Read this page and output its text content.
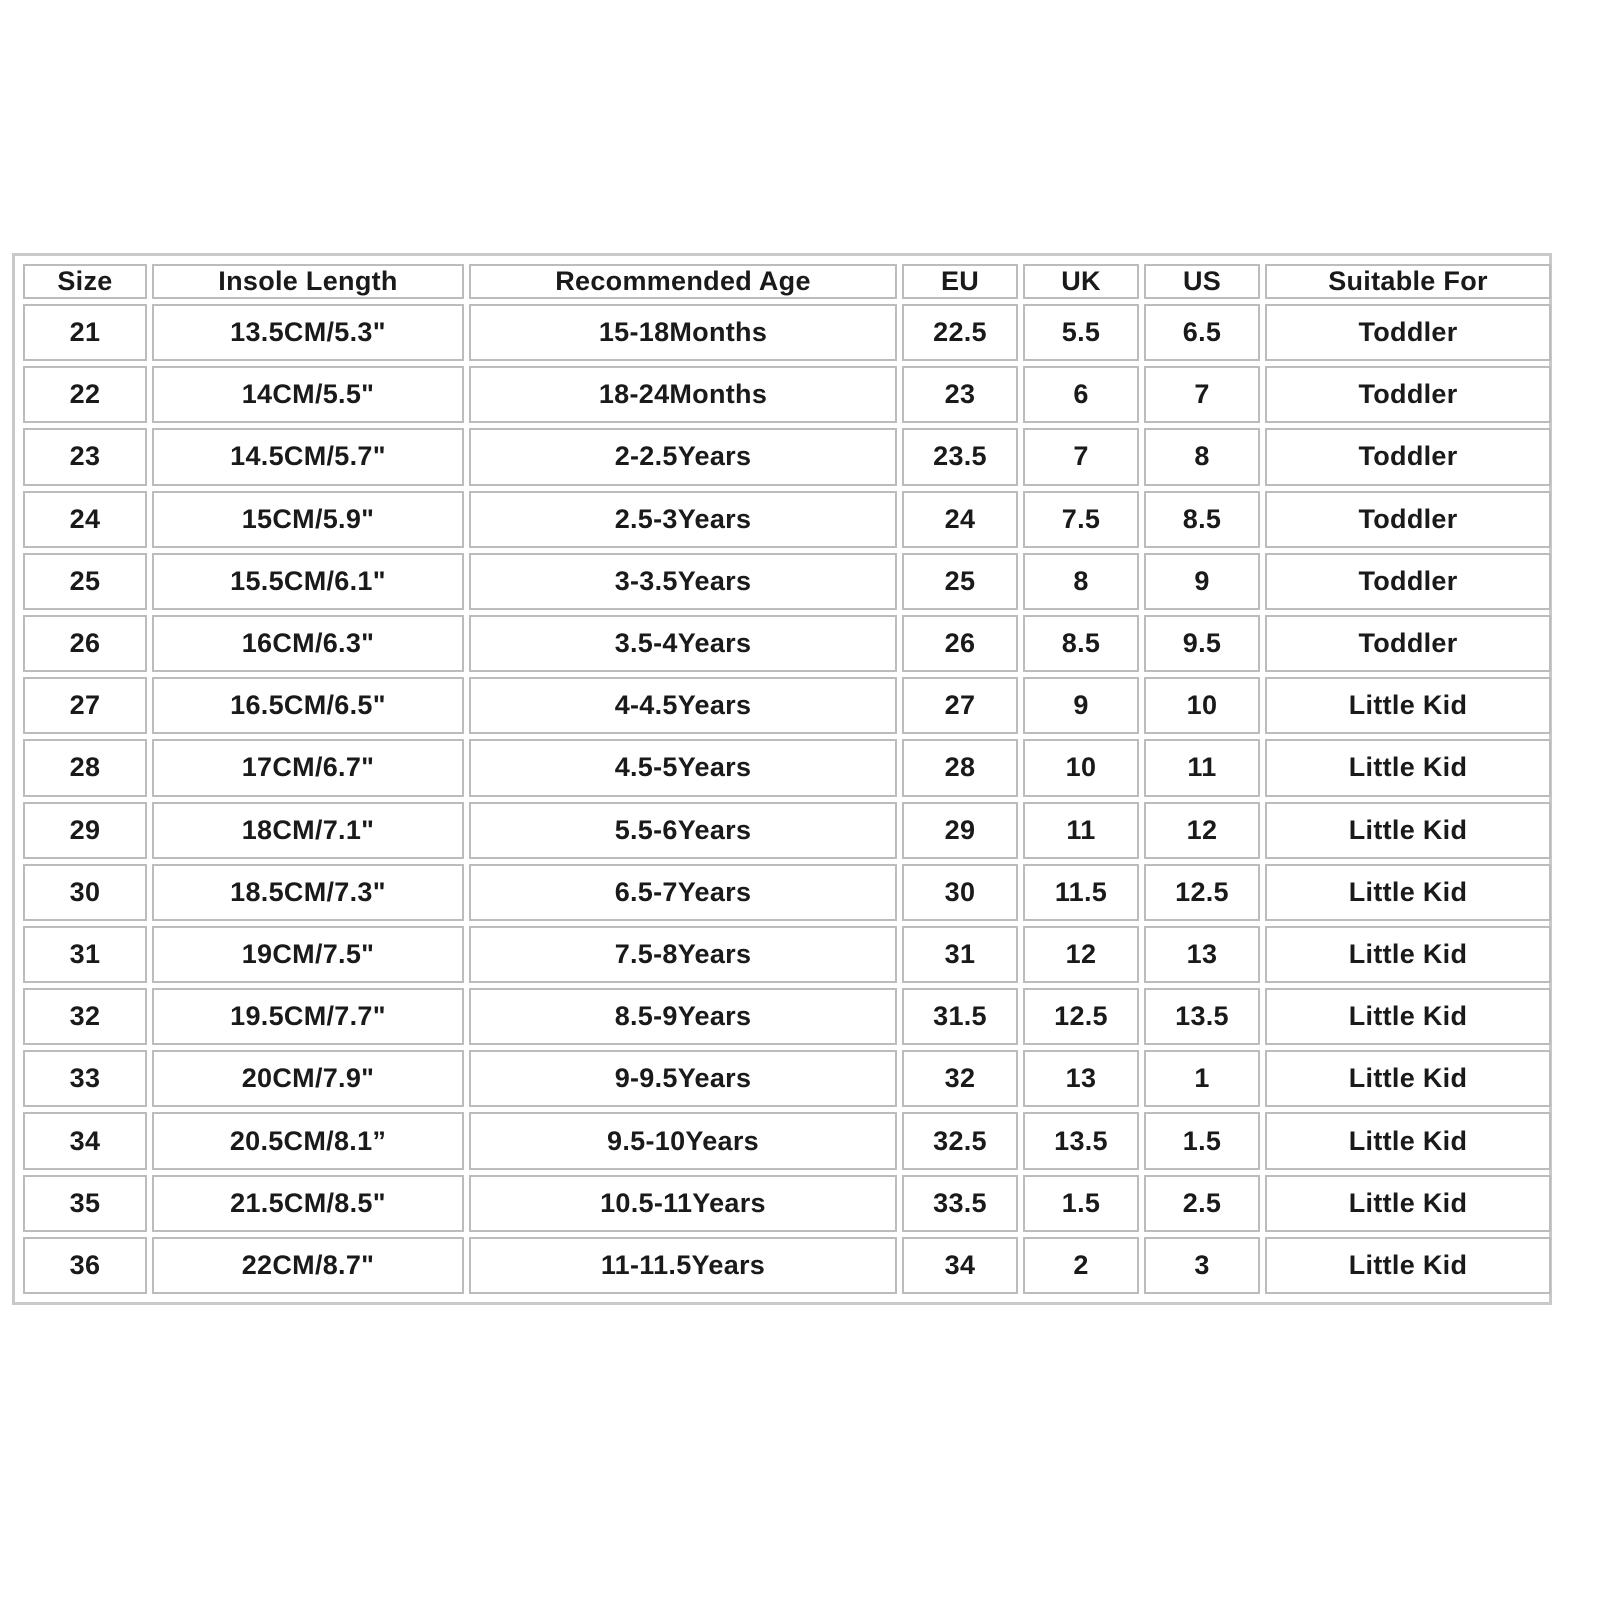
Size	Insole Length	Recommended Age	EU	UK	US	Suitable For
21	13.5CM/5.3"	15-18Months	22.5	5.5	6.5	Toddler
22	14CM/5.5"	18-24Months	23	6	7	Toddler
23	14.5CM/5.7"	2-2.5Years	23.5	7	8	Toddler
24	15CM/5.9"	2.5-3Years	24	7.5	8.5	Toddler
25	15.5CM/6.1"	3-3.5Years	25	8	9	Toddler
26	16CM/6.3"	3.5-4Years	26	8.5	9.5	Toddler
27	16.5CM/6.5"	4-4.5Years	27	9	10	Little Kid
28	17CM/6.7"	4.5-5Years	28	10	11	Little Kid
29	18CM/7.1"	5.5-6Years	29	11	12	Little Kid
30	18.5CM/7.3"	6.5-7Years	30	11.5	12.5	Little Kid
31	19CM/7.5"	7.5-8Years	31	12	13	Little Kid
32	19.5CM/7.7"	8.5-9Years	31.5	12.5	13.5	Little Kid
33	20CM/7.9"	9-9.5Years	32	13	1	Little Kid
34	20.5CM/8.1”	9.5-10Years	32.5	13.5	1.5	Little Kid
35	21.5CM/8.5"	10.5-11Years	33.5	1.5	2.5	Little Kid
36	22CM/8.7"	11-11.5Years	34	2	3	Little Kid
